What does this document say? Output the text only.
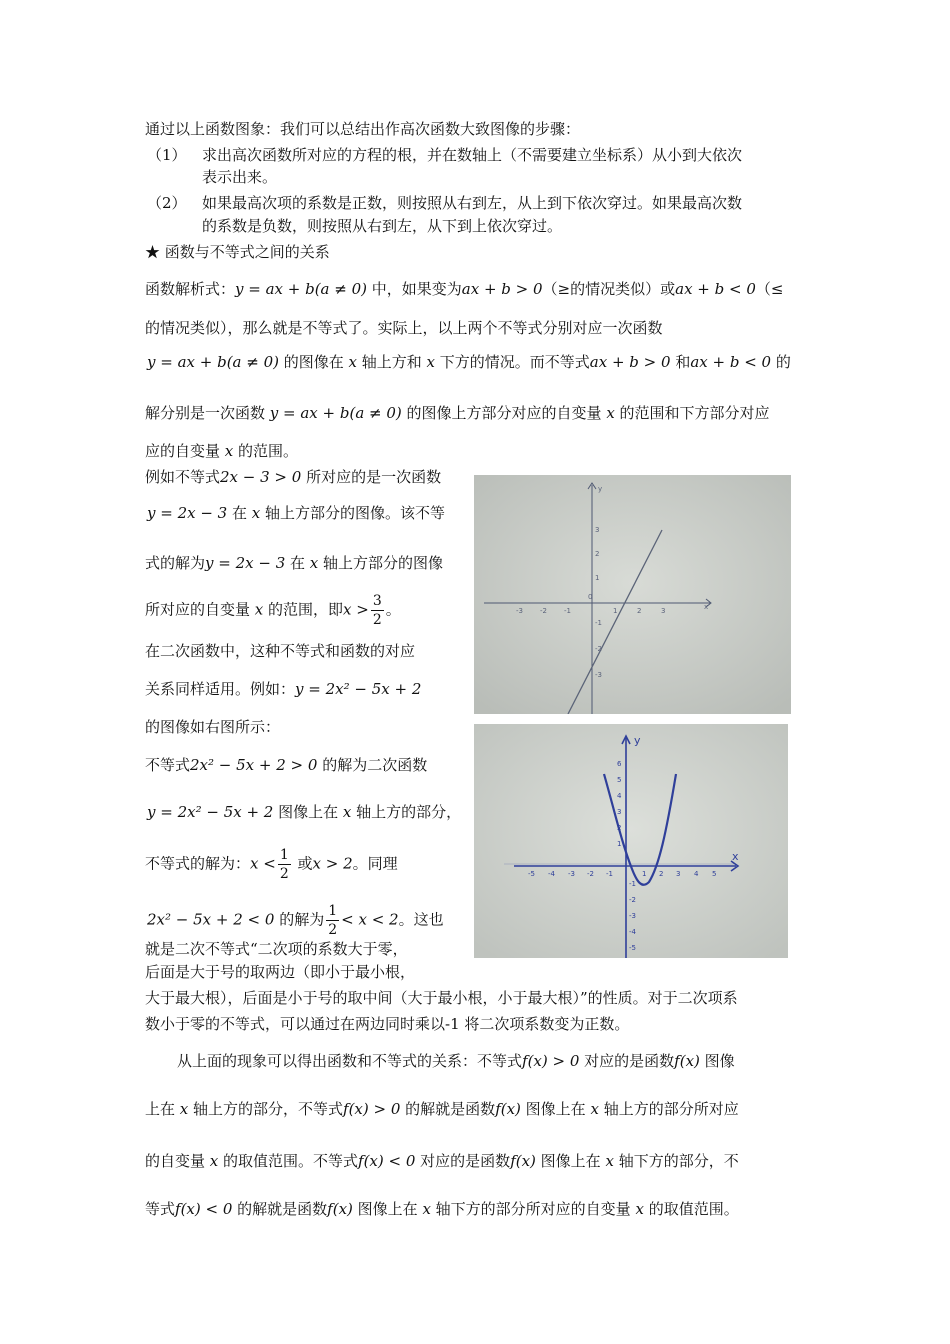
通过以上函数图象：我们可以总结出作高次函数大致图像的步骤：
（1） 求出高次函数所对应的方程的根，并在数轴上（不需要建立坐标系）从小到大依次
表示出来。
（2） 如果最高次项的系数是正数，则按照从右到左，从上到下依次穿过。如果最高次数
的系数是负数，则按照从右到左，从下到上依次穿过。
★ 函数与不等式之间的关系
函数解析式：y = ax + b(a ≠ 0) 中，如果变为ax + b > 0（≥的情况类似）或ax + b < 0（≤
的情况类似），那么就是不等式了。实际上，以上两个不等式分别对应一次函数
y = ax + b(a ≠ 0) 的图像在 x 轴上方和 x 下方的情况。而不等式ax + b > 0 和ax + b < 0 的
解分别是一次函数 y = ax + b(a ≠ 0) 的图像上方部分对应的自变量 x 的范围和下方部分对应
应的自变量 x 的范围。
例如不等式2x − 3 > 0 所对应的是一次函数
y = 2x − 3 在 x 轴上方部分的图像。该不等
式的解为y = 2x − 3 在 x 轴上方部分的图像
所对应的自变量 x 的范围，即$x > \frac{3}{2}$ 。
在二次函数中，这种不等式和函数的对应
关系同样适用。例如：y = 2x² − 5x + 2
的图像如右图所示：
不等式2x² − 5x + 2 > 0 的解为二次函数
y = 2x² − 5x + 2 图像上在 x 轴上方的部分，
不等式的解为：$x < \frac{1}{2}$ 或x > 2。同理
2x² − 5x + 2 < 0 的解为 $\frac{1}{2} < x < 2$。这也
就是二次不等式“二次项的系数大于零，
后面是大于号的取两边（即小于最小根，
大于最大根），后面是小于号的取中间（大于最小根，小于最大根）”的性质。对于二次项系
数小于零的不等式，可以通过在两边同时乘以-1 将二次项系数变为正数。
从上面的现象可以得出函数和不等式的关系：不等式f(x) > 0 对应的是函数f(x) 图像
上在 x 轴上方的部分，不等式f(x) > 0 的解就是函数f(x) 图像上在 x 轴上方的部分所对应
的自变量 x 的取值范围。不等式f(x) < 0 对应的是函数f(x) 图像上在 x 轴下方的部分，不
等式f(x) < 0 的解就是函数f(x) 图像上在 x 轴下方的部分所对应的自变量 x 的取值范围。
y
x
-3 -2 -1
0
1	2	3
3
2
1
-1
-2
-3
y
x
-5 -4 -3 -2 -1	1 2 3 4 5
6
5
4
3
2
1
-1
-2
-3
-4
-5
